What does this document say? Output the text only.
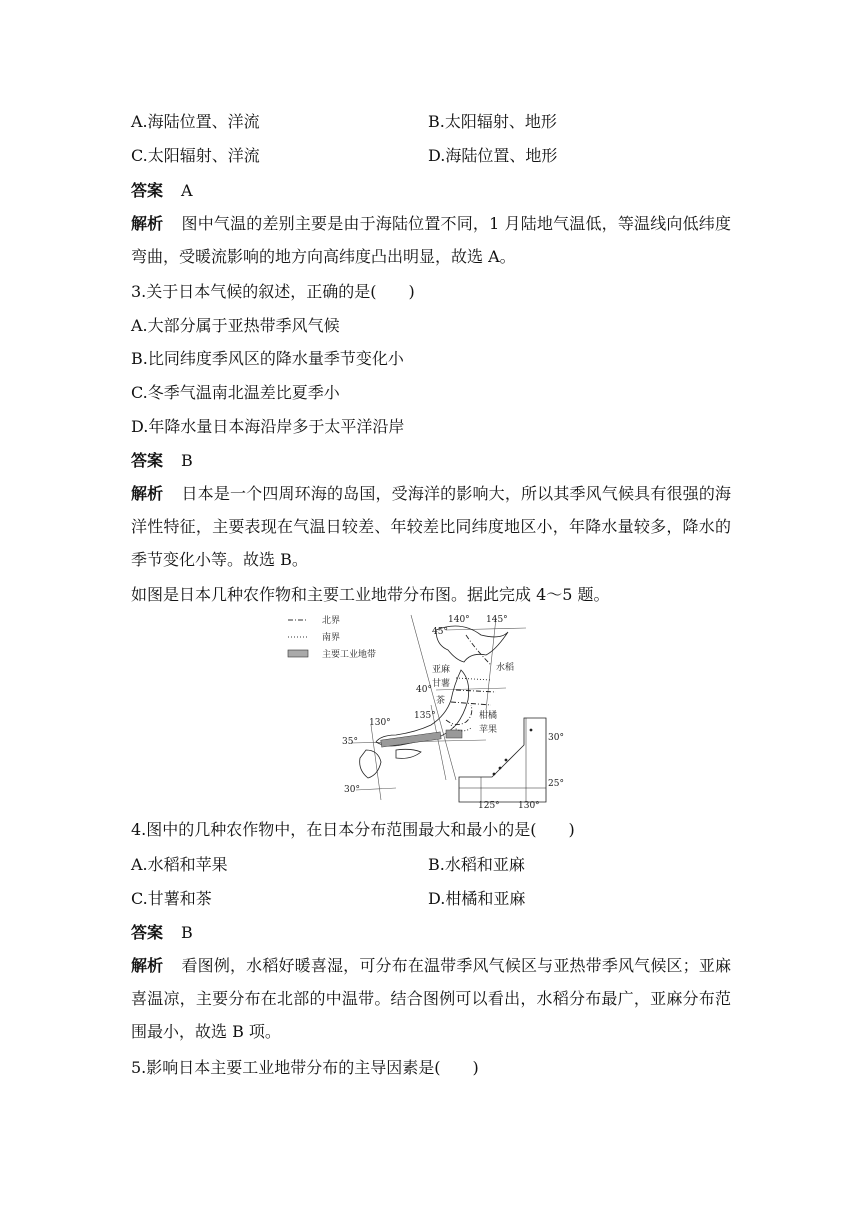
A.海陆位置、洋流	B.太阳辐射、地形
C.太阳辐射、洋流	D.海陆位置、地形
答案 A
解析 图中气温的差别主要是由于海陆位置不同，1 月陆地气温低，等温线向低纬度弯曲，受暖流影响的地方向高纬度凸出明显，故选 A。
3.关于日本气候的叙述，正确的是(　　)
A.大部分属于亚热带季风气候
B.比同纬度季风区的降水量季节变化小
C.冬季气温南北温差比夏季小
D.年降水量日本海沿岸多于太平洋沿岸
答案 B
解析 日本是一个四周环海的岛国，受海洋的影响大，所以其季风气候具有很强的海洋性特征，主要表现在气温日较差、年较差比同纬度地区小，年降水量较多，降水的季节变化小等。故选 B。
如图是日本几种农作物和主要工业地带分布图。据此完成 4～5 题。
北界
南界
主要工业地带
水稻
亚麻
甘薯
茶
柑橘
苹果
140° 145°
135°
130°
125° 130°
45°
40°
35°
30°
30°
25°
4.图中的几种农作物中，在日本分布范围最大和最小的是(　　)
A.水稻和苹果	B.水稻和亚麻
C.甘薯和茶	D.柑橘和亚麻
答案 B
解析 看图例，水稻好暖喜湿，可分布在温带季风气候区与亚热带季风气候区；亚麻喜温凉，主要分布在北部的中温带。结合图例可以看出，水稻分布最广，亚麻分布范围最小，故选 B 项。
5.影响日本主要工业地带分布的主导因素是(　　)
